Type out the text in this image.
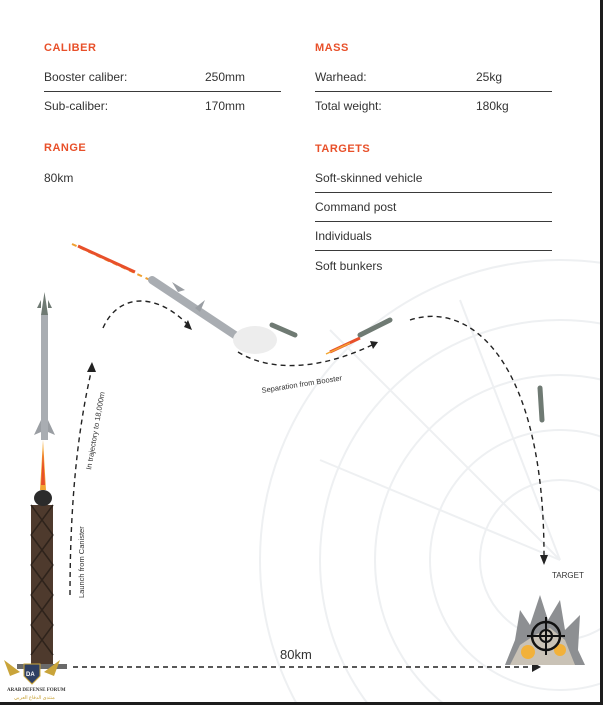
Launch from Canister
In trajectory to 18,000m
Separation from Booster
TARGET
80km
DA
ARAB DEFENSE FORUM
منتدى الدفاع العربي
CALIBER
Booster caliber:	250mm
Sub-caliber:	170mm
MASS
Warhead:	25kg
Total weight:	180kg
RANGE
80km
TARGETS
Soft-skinned vehicle
Command post
Individuals
Soft bunkers
